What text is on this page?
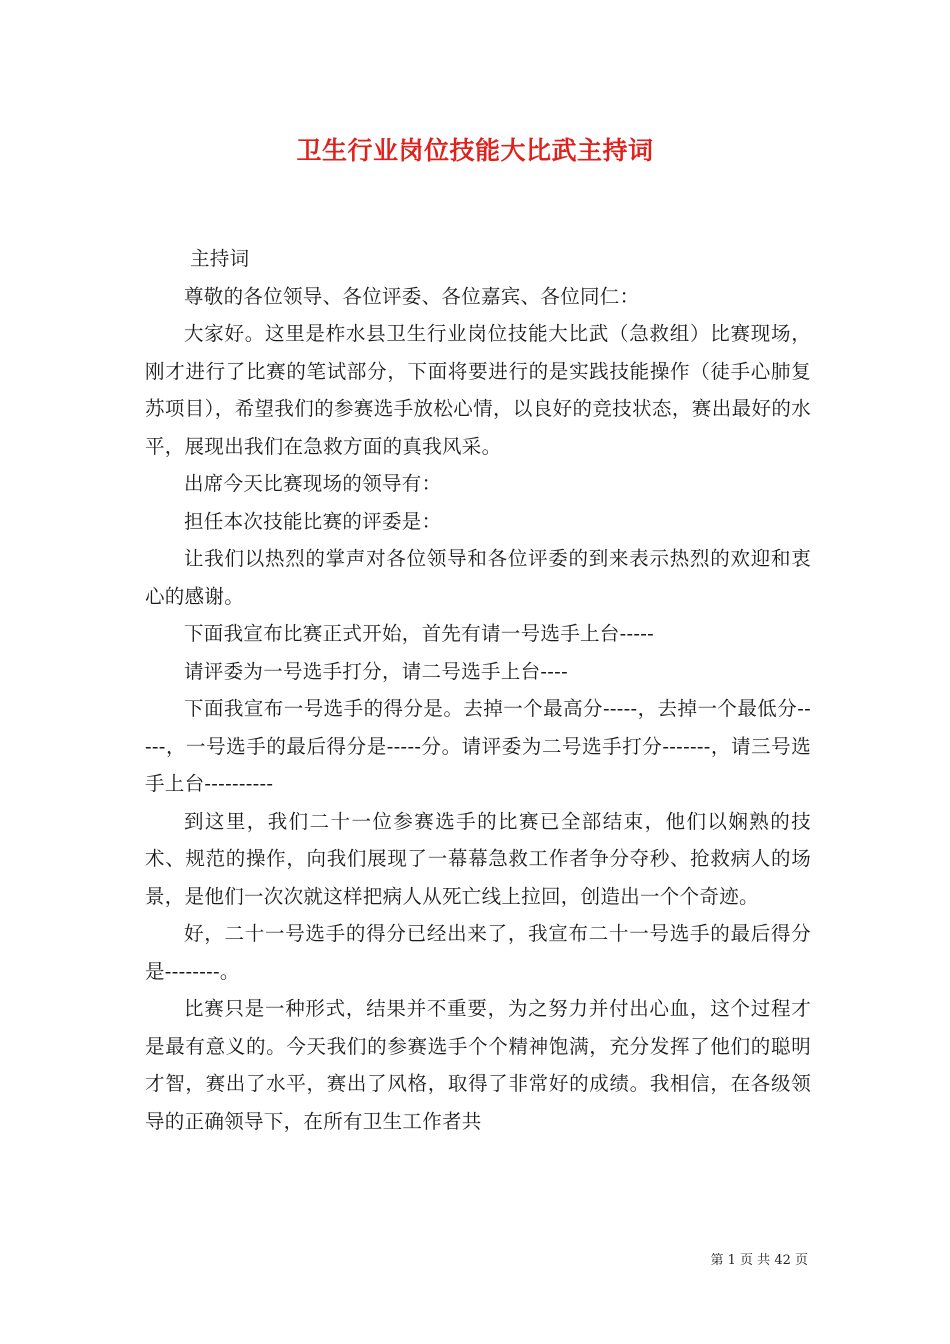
卫生行业岗位技能大比武主持词

主持词

尊敬的各位领导、各位评委、各位嘉宾、各位同仁：

大家好。这里是柞水县卫生行业岗位技能大比武（急救组）比赛现场，刚才进行了比赛的笔试部分，下面将要进行的是实践技能操作（徒手心肺复苏项目），希望我们的参赛选手放松心情，以良好的竞技状态，赛出最好的水平，展现出我们在急救方面的真我风采。

出席今天比赛现场的领导有：

担任本次技能比赛的评委是：

让我们以热烈的掌声对各位领导和各位评委的到来表示热烈的欢迎和衷心的感谢。

下面我宣布比赛正式开始，首先有请一号选手上台-----

请评委为一号选手打分，请二号选手上台----

下面我宣布一号选手的得分是。去掉一个最高分-----，去掉一个最低分-----，一号选手的最后得分是-----分。请评委为二号选手打分-------，请三号选手上台----------

到这里，我们二十一位参赛选手的比赛已全部结束，他们以娴熟的技术、规范的操作，向我们展现了一幕幕急救工作者争分夺秒、抢救病人的场景，是他们一次次就这样把病人从死亡线上拉回，创造出一个个奇迹。

好，二十一号选手的得分已经出来了，我宣布二十一号选手的最后得分是--------。

比赛只是一种形式，结果并不重要，为之努力并付出心血，这个过程才是最有意义的。今天我们的参赛选手个个精神饱满，充分发挥了他们的聪明才智，赛出了水平，赛出了风格，取得了非常好的成绩。我相信，在各级领导的正确领导下，在所有卫生工作者共

第 1 页 共 42 页
